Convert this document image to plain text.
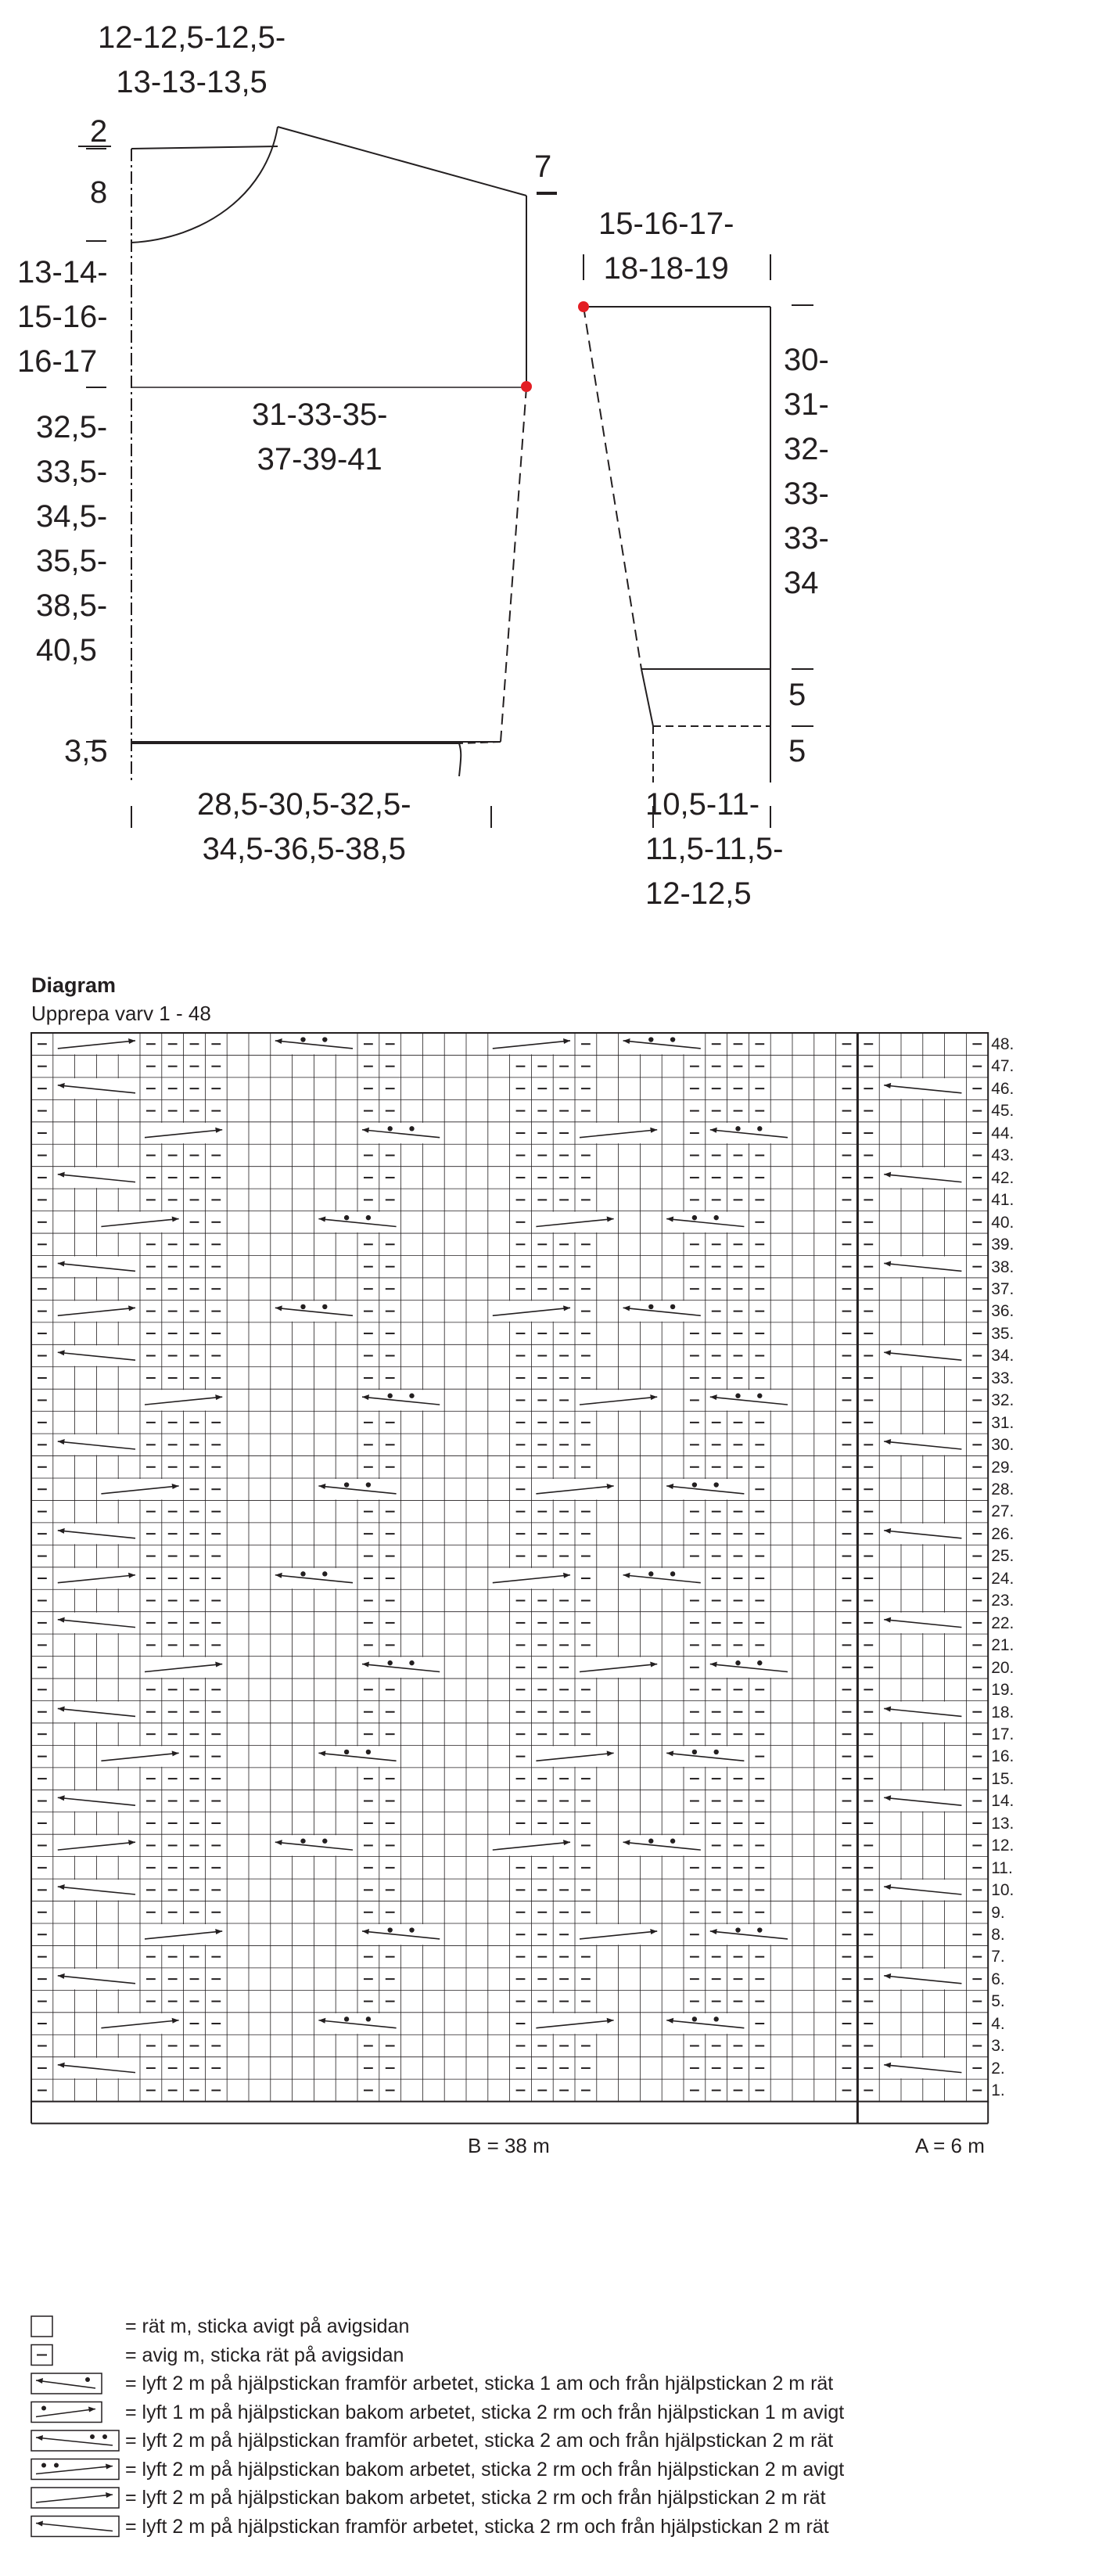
12-12,5-12,5-
13-13-13,5
2
8
7
13-14-
15-16-
16-17
31-33-35-
37-39-41
32,5-
33,5-
34,5-
35,5-
38,5-
40,5
3,5
28,5-30,5-32,5-
34,5-36,5-38,5
15-16-17-
18-18-19
30-
31-
32-
33-
33-
34
5
5
10,5-11-
11,5-11,5-
12-12,5
Diagram
Upprepa varv 1 - 48
1.
2.
3.
4.
5.
6.
7.
8.
9.
10.
11.
12.
13.
14.
15.
16.
17.
18.
19.
20.
21.
22.
23.
24.
25.
26.
27.
28.
29.
30.
31.
32.
33.
34.
35.
36.
37.
38.
39.
40.
41.
42.
43.
44.
45.
46.
47.
48.
B = 38 m	A = 6 m
= rät m, sticka avigt på avigsidan
= avig m, sticka rät på avigsidan
= lyft 2 m på hjälpstickan framför arbetet, sticka 1 am och från hjälpstickan 2 m rät
= lyft 1 m på hjälpstickan bakom arbetet, sticka 2 rm och från hjälpstickan 1 m avigt
= lyft 2 m på hjälpstickan framför arbetet, sticka 2 am och från hjälpstickan 2 m rät
= lyft 2 m på hjälpstickan bakom arbetet, sticka 2 rm och från hjälpstickan 2 m avigt
= lyft 2 m på hjälpstickan bakom arbetet, sticka 2 rm och från hjälpstickan 2 m rät
= lyft 2 m på hjälpstickan framför arbetet, sticka 2 rm och från hjälpstickan 2 m rät
